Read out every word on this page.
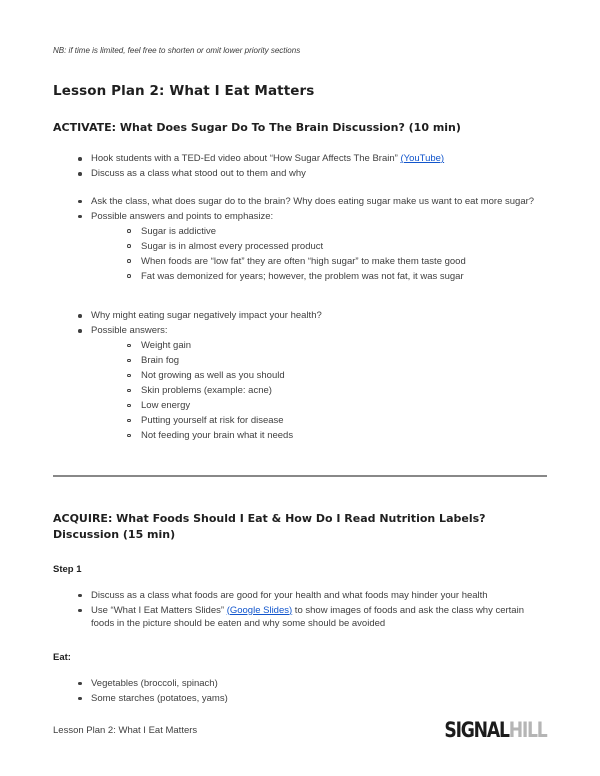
NB: if time is limited, feel free to shorten or omit lower priority sections
Lesson Plan 2: What I Eat Matters
ACTIVATE: What Does Sugar Do To The Brain Discussion? (10 min)
Hook students with a TED-Ed video about “How Sugar Affects The Brain” (YouTube)
Discuss as a class what stood out to them and why
Ask the class, what does sugar do to the brain? Why does eating sugar make us want to eat more sugar?
Possible answers and points to emphasize:
Sugar is addictive
Sugar is in almost every processed product
When foods are “low fat” they are often “high sugar” to make them taste good
Fat was demonized for years; however, the problem was not fat, it was sugar
Why might eating sugar negatively impact your health?
Possible answers:
Weight gain
Brain fog
Not growing as well as you should
Skin problems (example: acne)
Low energy
Putting yourself at risk for disease
Not feeding your brain what it needs
ACQUIRE: What Foods Should I Eat & How Do I Read Nutrition Labels? Discussion (15 min)
Step 1
Discuss as a class what foods are good for your health and what foods may hinder your health
Use “What I Eat Matters Slides” (Google Slides) to show images of foods and ask the class why certain foods in the picture should be eaten and why some should be avoided
Eat:
Vegetables (broccoli, spinach)
Some starches (potatoes, yams)
Lesson Plan 2: What I Eat Matters	SIGNALHILL
